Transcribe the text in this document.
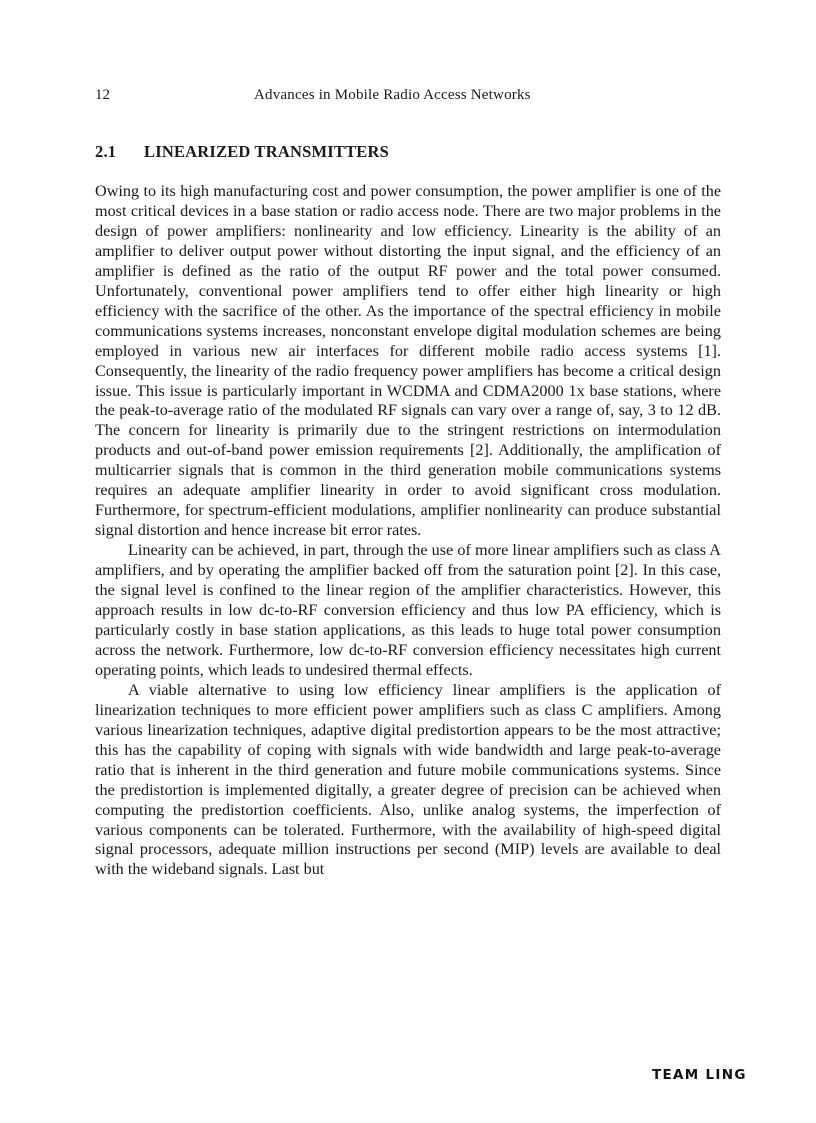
12	Advances in Mobile Radio Access Networks
2.1 LINEARIZED TRANSMITTERS

Owing to its high manufacturing cost and power consumption, the power amplifier is one of the most critical devices in a base station or radio access node. There are two major problems in the design of power amplifiers: nonlinearity and low efficiency. Linearity is the ability of an amplifier to deliver output power without distorting the input signal, and the efficiency of an amplifier is defined as the ratio of the output RF power and the total power consumed. Unfortunately, conventional power amplifiers tend to offer either high linearity or high efficiency with the sacrifice of the other. As the importance of the spectral efficiency in mobile communications systems increases, nonconstant envelope digital modulation schemes are being employed in various new air interfaces for different mobile radio access systems [1]. Consequently, the linearity of the radio frequency power amplifiers has become a critical design issue. This issue is particularly important in WCDMA and CDMA2000 1x base stations, where the peak-to-average ratio of the modulated RF signals can vary over a range of, say, 3 to 12 dB. The concern for linearity is primarily due to the stringent restrictions on intermodulation products and out-of-band power emission requirements [2]. Additionally, the amplification of multicarrier signals that is common in the third generation mobile communications systems requires an adequate amplifier linearity in order to avoid significant cross modulation. Furthermore, for spectrum-efficient modulations, amplifier nonlinearity can produce substantial signal distortion and hence increase bit error rates.

Linearity can be achieved, in part, through the use of more linear amplifiers such as class A amplifiers, and by operating the amplifier backed off from the saturation point [2]. In this case, the signal level is confined to the linear region of the amplifier characteristics. However, this approach results in low dc-to-RF conversion efficiency and thus low PA efficiency, which is particularly costly in base station applications, as this leads to huge total power consumption across the network. Furthermore, low dc-to-RF conversion efficiency necessitates high current operating points, which leads to undesired thermal effects.

A viable alternative to using low efficiency linear amplifiers is the application of linearization techniques to more efficient power amplifiers such as class C amplifiers. Among various linearization techniques, adaptive digital predistortion appears to be the most attractive; this has the capability of coping with signals with wide bandwidth and large peak-to-average ratio that is inherent in the third generation and future mobile communications systems. Since the predistortion is implemented digitally, a greater degree of precision can be achieved when computing the predistortion coefficients. Also, unlike analog systems, the imperfection of various components can be tolerated. Furthermore, with the availability of high-speed digital signal processors, adequate million instructions per second (MIP) levels are available to deal with the wideband signals. Last but

TEAM LING
